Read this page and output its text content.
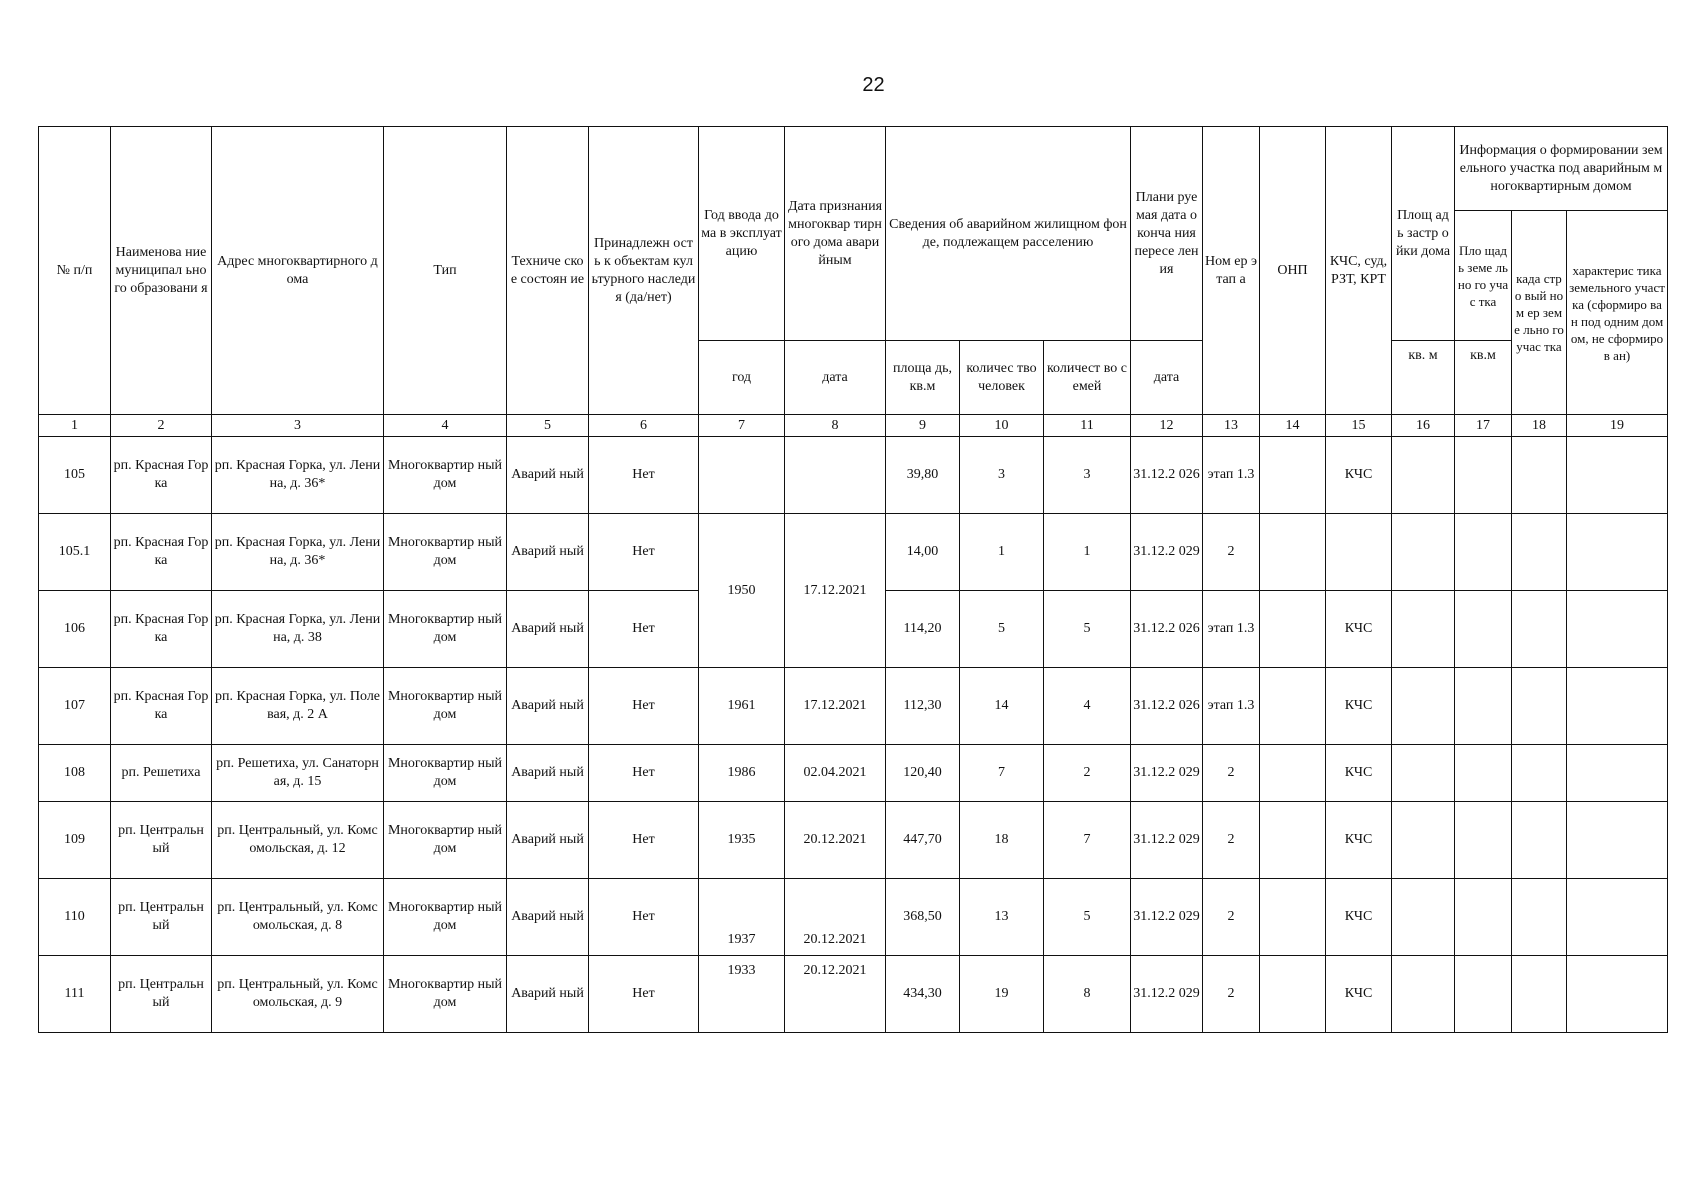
22
№ п/п	Наименова ние муниципал ьного образовани я	Адрес многоквартирного дома	Тип	Техниче ское состоян ие	Принадлежн ость к объектам культурного наследия (да/нет)	Год ввода дома в эксплуат ацию	Дата признания многоквар тирного дома аварийным	Сведения об аварийном жилищном фонде, подлежащем расселению			Плани руемая дата оконча ния пересе ления	Ном ер этап а	ОНП	КЧС, суд, РЗТ, КРТ	Площ адь застр ойки дома	Информация о формировании земельного участка под аварийным многоквартирным домом		
																Пло щадь земе льно го учас тка	када стро вый ном ер земе льно го учас тка	характерис тика земельного участка (сформиро ван под одним домом, не сформиров ан)
						год	дата	площа дь, кв.м	количес тво человек	количест во семей	дата				кв. м	кв.м		
1	2	3	4	5	6	7	8	9	10	11	12	13	14	15	16	17	18	19
105	рп. Красная Горка	рп. Красная Горка, ул. Ленина, д. 36*	Многоквартир ный дом	Аварий ный	Нет			39,80	3	3	31.12.2 026	этап 1.3		КЧС				
105.1	рп. Красная Горка	рп. Красная Горка, ул. Ленина, д. 36*	Многоквартир ный дом	Аварий ный	Нет	1950	17.12.2021	14,00	1	1	31.12.2 029	2						
106	рп. Красная Горка	рп. Красная Горка, ул. Ленина, д. 38	Многоквартир ный дом	Аварий ный	Нет			114,20	5	5	31.12.2 026	этап 1.3		КЧС				
107	рп. Красная Горка	рп. Красная Горка, ул. Полевая, д. 2 А	Многоквартир ный дом	Аварий ный	Нет	1961	17.12.2021	112,30	14	4	31.12.2 026	этап 1.3		КЧС				
108	рп. Решетиха	рп. Решетиха, ул. Санаторная, д. 15	Многоквартир ный дом	Аварий ный	Нет	1986	02.04.2021	120,40	7	2	31.12.2 029	2		КЧС				
109	рп. Центральн ый	рп. Центральный, ул. Комсомольская, д. 12	Многоквартир ный дом	Аварий ный	Нет	1935	20.12.2021	447,70	18	7	31.12.2 029	2		КЧС				
110	рп. Центральн ый	рп. Центральный, ул. Комсомольская, д. 8	Многоквартир ный дом	Аварий ный	Нет	1937	20.12.2021	368,50	13	5	31.12.2 029	2		КЧС				
111	рп. Центральн ый	рп. Центральный, ул. Комсомольская, д. 9	Многоквартир ный дом	Аварий ный	Нет	1933	20.12.2021	434,30	19	8	31.12.2 029	2		КЧС				
